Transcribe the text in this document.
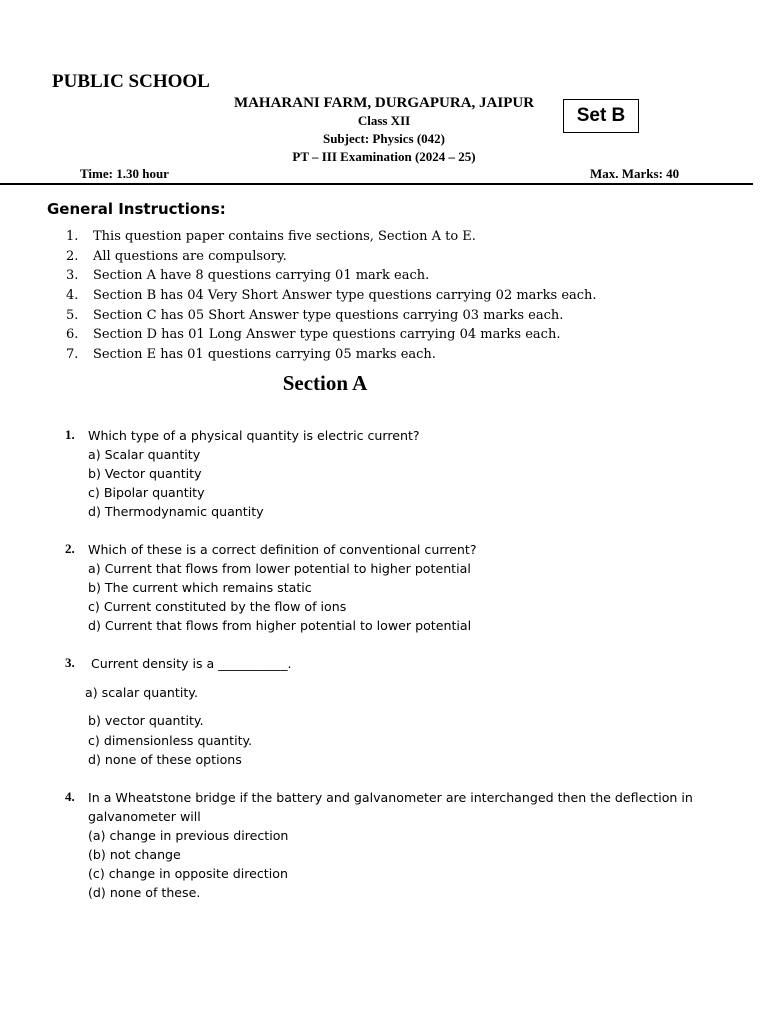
PUBLIC SCHOOL
MAHARANI FARM, DURGAPURA, JAIPUR
Class XII
Subject: Physics (042)
PT – III Examination (2024 – 25)
Set B
Time: 1.30 hour	Max. Marks: 40
General Instructions:
1. This question paper contains five sections, Section A to E.
2. All questions are compulsory.
3. Section A have 8 questions carrying 01 mark each.
4. Section B has 04 Very Short Answer type questions carrying 02 marks each.
5. Section C has 05 Short Answer type questions carrying 03 marks each.
6. Section D has 01 Long Answer type questions carrying 04 marks each.
7. Section E has 01 questions carrying 05 marks each.
Section A
1. Which type of a physical quantity is electric current?
a) Scalar quantity
b) Vector quantity
c) Bipolar quantity
d) Thermodynamic quantity
2. Which of these is a correct definition of conventional current?
a) Current that flows from lower potential to higher potential
b) The current which remains static
c) Current constituted by the flow of ions
d) Current that flows from higher potential to lower potential
3. Current density is a ___________.
a) scalar quantity.
b) vector quantity.
c) dimensionless quantity.
d) none of these options
4. In a Wheatstone bridge if the battery and galvanometer are interchanged then the deflection in
galvanometer will
(a) change in previous direction
(b) not change
(c) change in opposite direction
(d) none of these.
